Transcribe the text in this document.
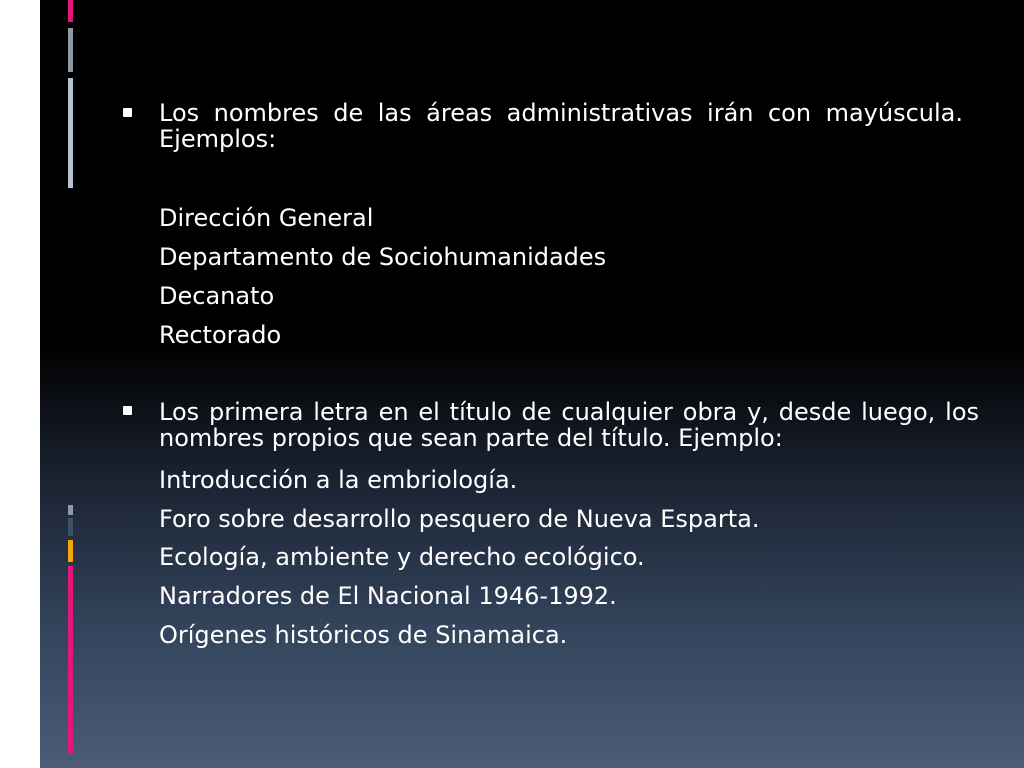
Los nombres de las áreas administrativas irán con mayúscula. Ejemplos:
Dirección General
Departamento de Sociohumanidades
Decanato
Rectorado
Los primera letra en el título de cualquier obra y, desde luego, los nombres propios que sean parte del título. Ejemplo:
Introducción a la embriología.
Foro sobre desarrollo pesquero de Nueva Esparta.
Ecología, ambiente y derecho ecológico.
Narradores de El Nacional 1946-1992.
Orígenes históricos de Sinamaica.
